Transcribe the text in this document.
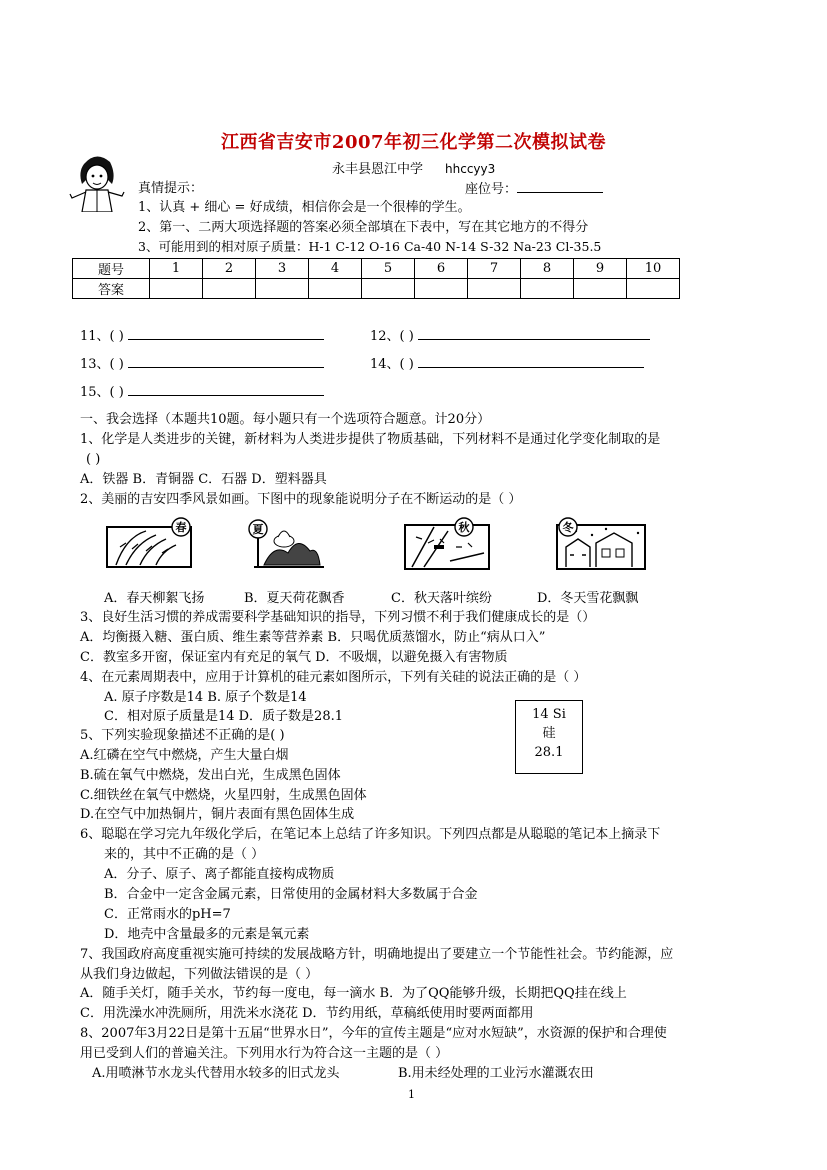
江西省吉安市2007年初三化学第二次模拟试卷
永丰县恩江中学 hhccyy3
真情提示：	座位号：
1、认真 + 细心 = 好成绩，相信你会是一个很棒的学生。
2、第一、二两大项选择题的答案必须全部填在下表中，写在其它地方的不得分
3、可能用到的相对原子质量：H-1 C-12 O-16 Ca-40 N-14 S-32 Na-23 Cl-35.5
题号	1	2	3	4	5	6	7	8	9	10
答案										
11、( )	12、( )
13、( )	14、( )
15、( )
一、我会选择（本题共10题。每小题只有一个选项符合题意。计20分）
1、化学是人类进步的关键，新材料为人类进步提供了物质基础，下列材料不是通过化学变化制取的是
( )
A．铁器 B．青铜器 C．石器 D．塑料器具
2、美丽的吉安四季风景如画。下图中的现象能说明分子在不断运动的是（ ）
春	夏	秋	冬
A．春天柳絮飞扬	B．夏天荷花飘香	C．秋天落叶缤纷	D．冬天雪花飘飘
3、良好生活习惯的养成需要科学基础知识的指导，下列习惯不利于我们健康成长的是（）
A．均衡摄入糖、蛋白质、维生素等营养素 B．只喝优质蒸馏水，防止“病从口入”
C．教室多开窗，保证室内有充足的氧气 D．不吸烟，以避免摄入有害物质
4、在元素周期表中，应用于计算机的硅元素如图所示，下列有关硅的说法正确的是（ ）
A. 原子序数是14 B. 原子个数是14
C．相对原子质量是14 D．质子数是28.1	14 Si
硅
28.1
5、下列实验现象描述不正确的是( )
A.红磷在空气中燃烧，产生大量白烟
B.硫在氧气中燃烧，发出白光，生成黑色固体
C.细铁丝在氧气中燃烧，火星四射，生成黑色固体
D.在空气中加热铜片，铜片表面有黑色固体生成
6、聪聪在学习完九年级化学后，在笔记本上总结了许多知识。下列四点都是从聪聪的笔记本上摘录下
来的，其中不正确的是（ ）
A．分子、原子、离子都能直接构成物质
B．合金中一定含金属元素，日常使用的金属材料大多数属于合金
C．正常雨水的pH=7
D．地壳中含量最多的元素是氧元素
7、我国政府高度重视实施可持续的发展战略方针，明确地提出了要建立一个节能性社会。节约能源，应
从我们身边做起，下列做法错误的是（ ）
A．随手关灯，随手关水，节约每一度电，每一滴水 B．为了QQ能够升级，长期把QQ挂在线上
C．用洗澡水冲洗厕所，用洗米水浇花 D．节约用纸，草稿纸使用时要两面都用
8、2007年3月22日是第十五届“世界水日”，今年的宣传主题是“应对水短缺”，水资源的保护和合理使
用已受到人们的普遍关注。下列用水行为符合这一主题的是（ ）
A.用喷淋节水龙头代替用水较多的旧式龙头	B.用未经处理的工业污水灌溉农田
1
